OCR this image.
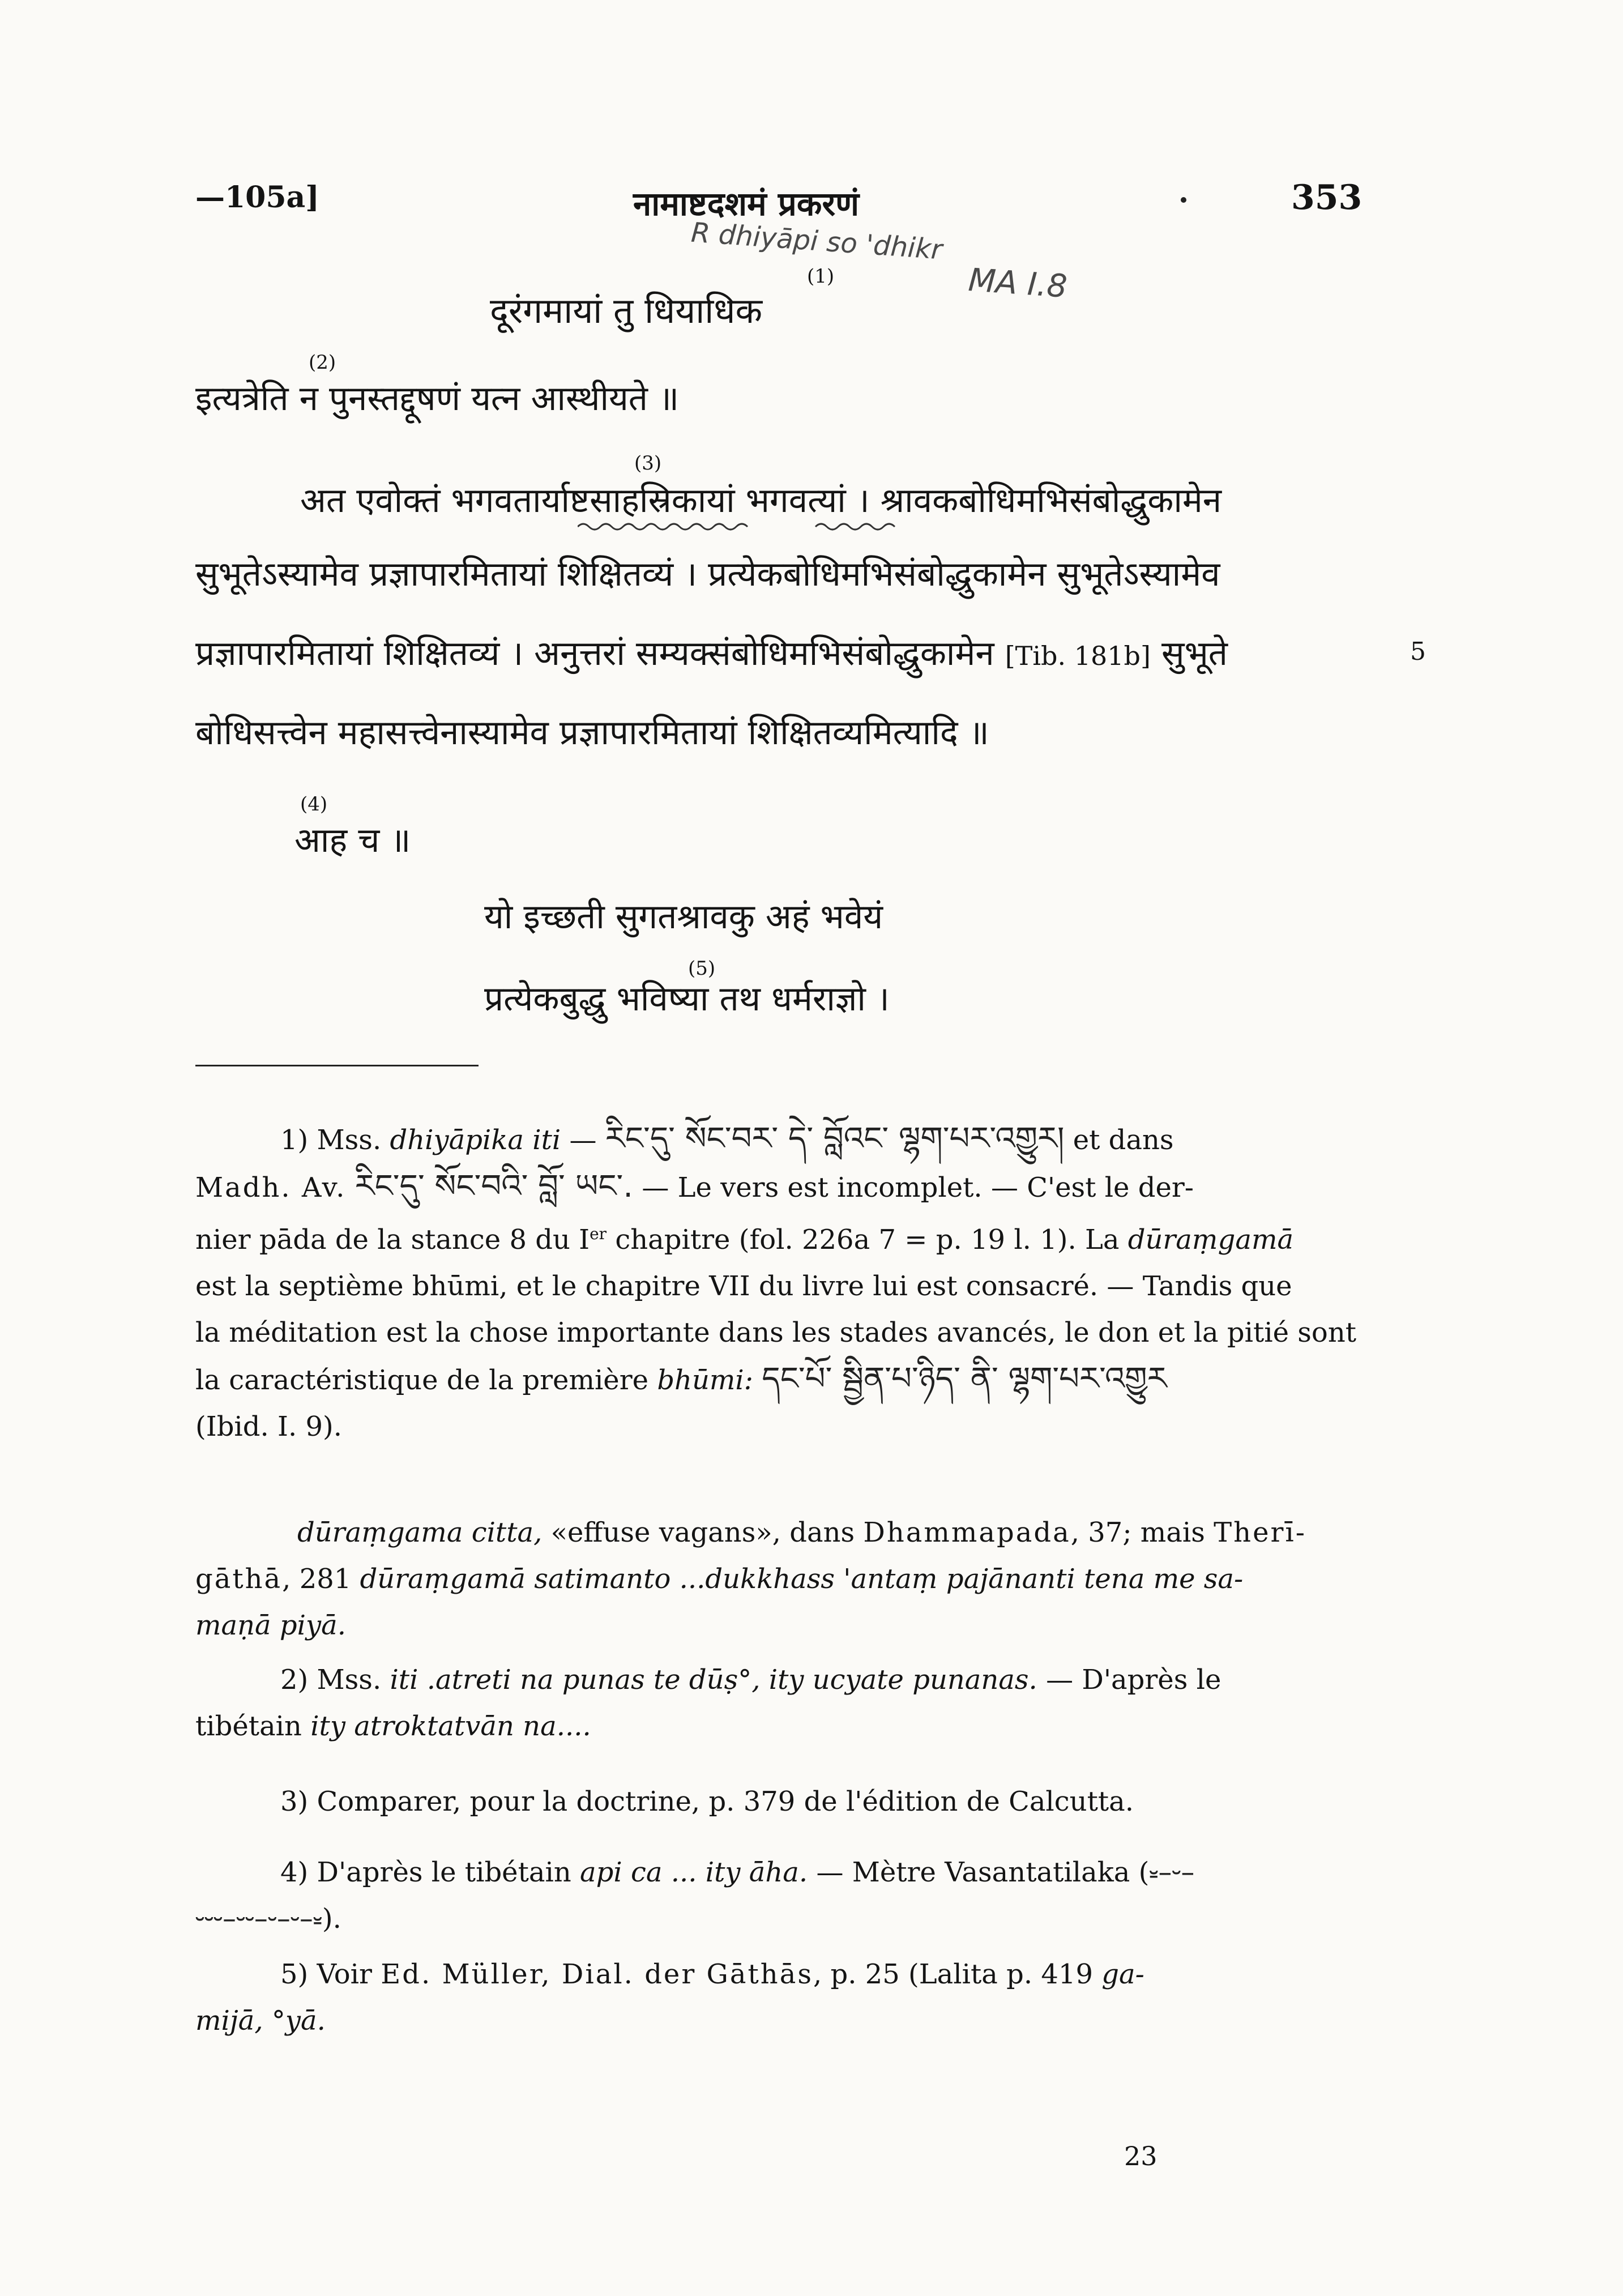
—105a]	नामाष्टदशमं प्रकरणं	353
R dhiyāpi so 'dhikr
MA I.8
दूरंगमायां तु धियाधिक
(1)
(2)
इत्यत्रेति न पुनस्तद्दूषणं यत्न आस्थीयते ॥
(3)
अत एवोक्तं भगवतार्याष्टसाहस्रिकायां भगवत्यां । श्रावकबोधिमभिसंबोद्धुकामेन
सुभूतेऽस्यामेव प्रज्ञापारमितायां शिक्षितव्यं । प्रत्येकबोधिमभिसंबोद्धुकामेन सुभूतेऽस्यामेव
प्रज्ञापारमितायां शिक्षितव्यं । अनुत्तरां सम्यक्संबोधिमभिसंबोद्धुकामेन [Tib. 181b] सुभूते	5
बोधिसत्त्वेन महासत्त्वेनास्यामेव प्रज्ञापारमितायां शिक्षितव्यमित्यादि ॥
(4)
आह च ॥
यो इच्छती सुगतश्रावकु अहं भवेयं
(5)
प्रत्येकबुद्धु भविष्या तथ धर्मराज्ञो ।

1) Mss. dhiyāpika iti — རིང་དུ་ སོང་བར་ དེ་ བློའང་ ལྷག་པར་འགྱུར། et dans

Madh. Av. རིང་དུ་ སོང་བའི་ བློ་ ཡང་. — Le vers est incomplet. — C'est le der-

nier pāda de la stance 8 du Ier chapitre (fol. 226a 7 = p. 19 l. 1). La dūraṃgamā

est la septième bhūmi, et le chapitre VII du livre lui est consacré. — Tandis que

la méditation est la chose importante dans les stades avancés, le don et la pitié sont

la caractéristique de la première bhūmi: དང་པོ་ སྦྱིན་པ་ཉིད་ ནི་ ལྷག་པར་འགྱུར

(Ibid. I. 9).

dūraṃgama citta, «effuse vagans», dans Dhammapada, 37; mais Therī-

gāthā, 281 dūraṃgamā satimanto ...dukkhass 'antaṃ pajānanti tena me sa-

maṇā piyā.

2) Mss. iti .atreti na punas te dūṣ°, ity ucyate punanas. — D'après le

tibétain ity atroktatvān na....

3) Comparer, pour la doctrine, p. 379 de l'édition de Calcutta.

4) D'après le tibétain api ca ... ity āha. — Mètre Vasantatilaka (⏓–⏑–

⏑⏑⏑–⏑⏑–⏑–⏑–⏓).

5) Voir Ed. Müller, Dial. der Gāthās, p. 25 (Lalita p. 419 ga-

mijā, °yā.

23
